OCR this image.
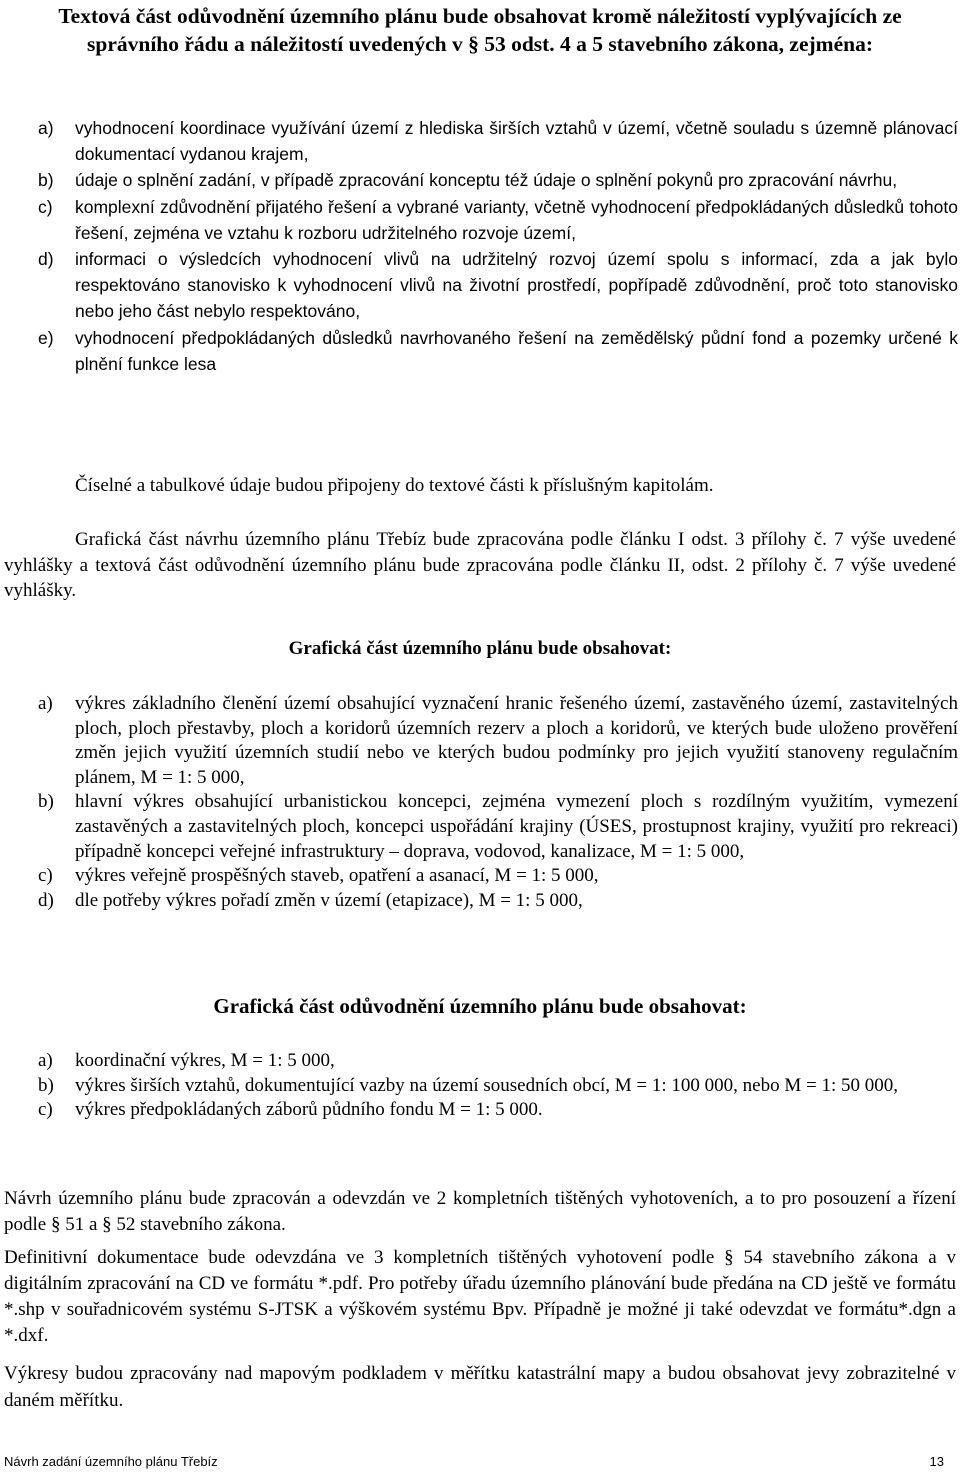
Textová část odůvodnění územního plánu bude obsahovat kromě náležitostí vyplývajících ze správního řádu a náležitostí uvedených v § 53 odst. 4 a 5 stavebního zákona, zejména:
a)	vyhodnocení koordinace využívání území z hlediska širších vztahů v území, včetně souladu s územně plánovací dokumentací vydanou krajem,
b)	údaje o splnění zadání, v případě zpracování konceptu též údaje o splnění pokynů pro zpracování návrhu,
c)	komplexní zdůvodnění přijatého řešení a vybrané varianty, včetně vyhodnocení předpokládaných důsledků tohoto řešení, zejména ve vztahu k rozboru udržitelného rozvoje území,
d)	informaci o výsledcích vyhodnocení vlivů na udržitelný rozvoj území spolu s informací, zda a jak bylo respektováno stanovisko k vyhodnocení vlivů na životní prostředí, popřípadě zdůvodnění, proč toto stanovisko nebo jeho část nebylo respektováno,
e)	vyhodnocení předpokládaných důsledků navrhovaného řešení na zemědělský půdní fond a pozemky určené k plnění funkce lesa
Číselné a tabulkové údaje budou připojeny do textové části k příslušným kapitolám.
Grafická část návrhu územního plánu Třebíz bude zpracována podle článku I odst. 3 přílohy č. 7 výše uvedené vyhlášky a textová část odůvodnění územního plánu bude zpracována podle článku II, odst. 2 přílohy č. 7 výše uvedené vyhlášky.
Grafická část územního plánu bude obsahovat:
a)	výkres základního členění území obsahující vyznačení hranic řešeného území, zastavěného území, zastavitelných ploch, ploch přestavby, ploch a koridorů územních rezerv a ploch a koridorů, ve kterých bude uloženo prověření změn jejich využití územních studií nebo ve kterých budou podmínky pro jejich využití stanoveny regulačním plánem, M = 1: 5 000,
b)	hlavní výkres obsahující urbanistickou koncepci, zejména vymezení ploch s rozdílným využitím, vymezení zastavěných a zastavitelných ploch, koncepci uspořádání krajiny (ÚSES, prostupnost krajiny, využití pro rekreaci) případně koncepci veřejné infrastruktury – doprava, vodovod, kanalizace, M = 1: 5 000,
c)	výkres veřejně prospěšných staveb, opatření a asanací, M = 1: 5 000,
d)	dle potřeby výkres pořadí změn v území (etapizace), M = 1: 5 000,
Grafická část odůvodnění územního plánu bude obsahovat:
a)	koordinační výkres, M = 1: 5 000,
b)	výkres širších vztahů, dokumentující vazby na území sousedních obcí, M = 1: 100 000, nebo M = 1: 50 000,
c)	výkres předpokládaných záborů půdního fondu M = 1: 5 000.
Návrh územního plánu bude zpracován a odevzdán ve 2 kompletních tištěných vyhotoveních, a to pro posouzení a řízení podle § 51 a § 52 stavebního zákona.
Definitivní dokumentace bude odevzdána ve 3 kompletních tištěných vyhotovení podle § 54 stavebního zákona a v digitálním zpracování na CD ve formátu *.pdf. Pro potřeby úřadu územního plánování bude předána na CD ještě ve formátu *.shp v souřadnicovém systému S-JTSK a výškovém systému Bpv. Případně je možné ji také odevzdat ve formátu*.dgn a *.dxf.
Výkresy budou zpracovány nad mapovým podkladem v měřítku katastrální mapy a budou obsahovat jevy zobrazitelné v daném měřítku.
Návrh zadání územního plánu Třebíz	13
